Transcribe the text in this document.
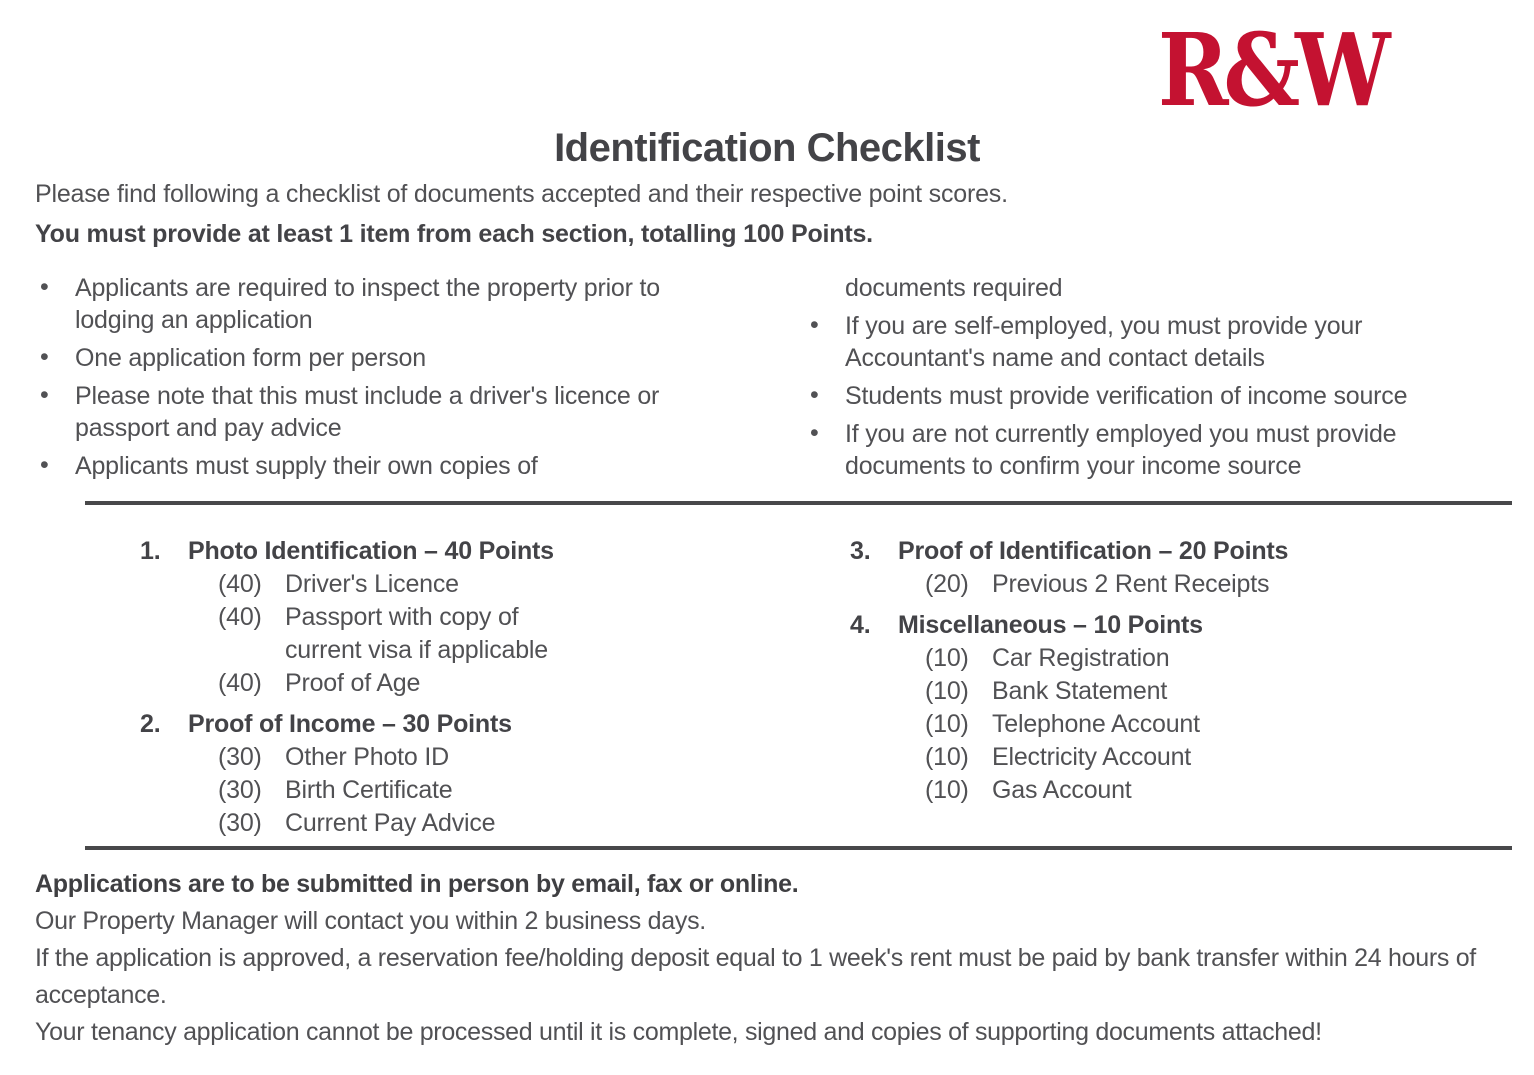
R&W
Identification Checklist

Please find following a checklist of documents accepted and their respective point scores.

You must provide at least 1 item from each section, totalling 100 Points.

• Applicants are required to inspect the property prior to lodging an application
• One application form per person
• Please note that this must include a driver's licence or passport and pay advice
• Applicants must supply their own copies of
documents required
• If you are self-employed, you must provide your Accountant's name and contact details
• Students must provide verification of income source
• If you are not currently employed you must provide documents to confirm your income source
1.	Photo Identification – 40 Points
(40) Driver's Licence
(40) Passport with copy of current visa if applicable
(40) Proof of Age
2.	Proof of Income – 30 Points
(30) Other Photo ID
(30) Birth Certificate
(30) Current Pay Advice
3.	Proof of Identification – 20 Points
(20) Previous 2 Rent Receipts
4.	Miscellaneous – 10 Points
(10) Car Registration
(10) Bank Statement
(10) Telephone Account
(10) Electricity Account
(10) Gas Account

Applications are to be submitted in person by email, fax or online.

Our Property Manager will contact you within 2 business days.

If the application is approved, a reservation fee/holding deposit equal to 1 week's rent must be paid by bank transfer within 24 hours of acceptance.

Your tenancy application cannot be processed until it is complete, signed and copies of supporting documents attached!
